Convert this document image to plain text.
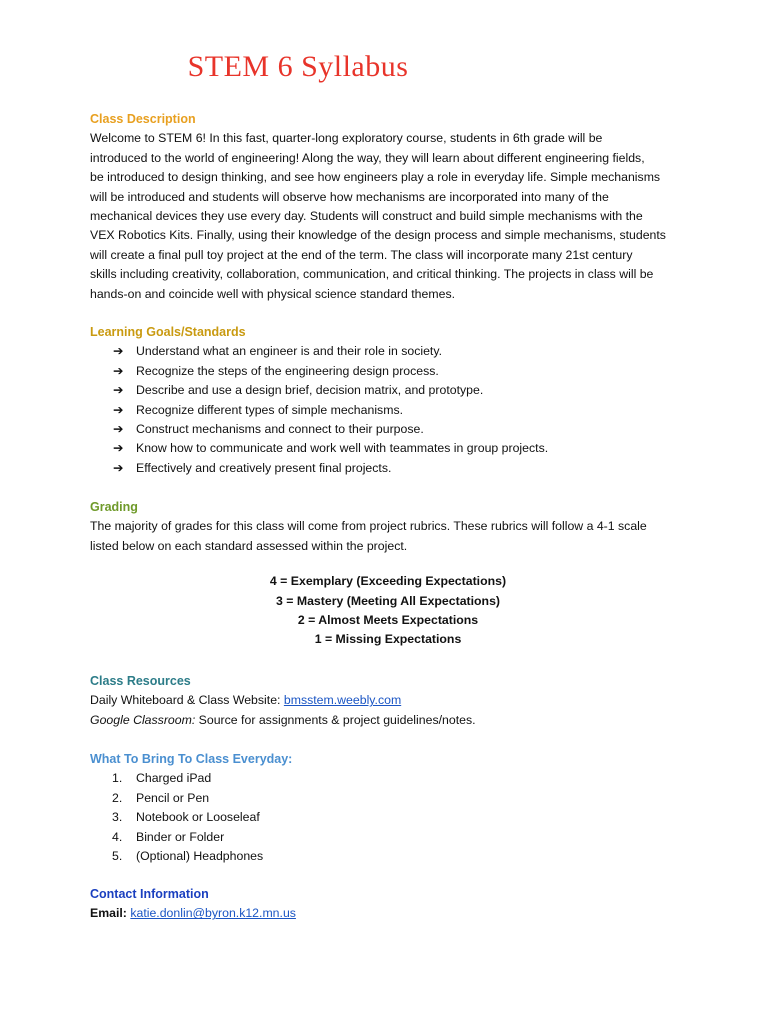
STEM 6 Syllabus
Class Description

Welcome to STEM 6! In this fast, quarter-long exploratory course, students in 6th grade will be

introduced to the world of engineering! Along the way, they will learn about different engineering fields,

be introduced to design thinking, and see how engineers play a role in everyday life. Simple mechanisms

will be introduced and students will observe how mechanisms are incorporated into many of the

mechanical devices they use every day. Students will construct and build simple mechanisms with the

VEX Robotics Kits. Finally, using their knowledge of the design process and simple mechanisms, students

will create a final pull toy project at the end of the term. The class will incorporate many 21st century

skills including creativity, collaboration, communication, and critical thinking. The projects in class will be

hands-on and coincide well with physical science standard themes.

Learning Goals/Standards
➔ Understand what an engineer is and their role in society.
➔ Recognize the steps of the engineering design process.
➔ Describe and use a design brief, decision matrix, and prototype.
➔ Recognize different types of simple mechanisms.
➔ Construct mechanisms and connect to their purpose.
➔ Know how to communicate and work well with teammates in group projects.
➔ Effectively and creatively present final projects.
Grading

The majority of grades for this class will come from project rubrics. These rubrics will follow a 4-1 scale

listed below on each standard assessed within the project.

4 = Exemplary (Exceeding Expectations)
3 = Mastery (Meeting All Expectations)
2 = Almost Meets Expectations
1 = Missing Expectations
Class Resources

Daily Whiteboard & Class Website: bmsstem.weebly.com

Google Classroom: Source for assignments & project guidelines/notes.

What To Bring To Class Everyday:
1.	Charged iPad
2.	Pencil or Pen
3.	Notebook or Looseleaf
4.	Binder or Folder
5.	(Optional) Headphones
Contact Information

Email: katie.donlin@byron.k12.mn.us
